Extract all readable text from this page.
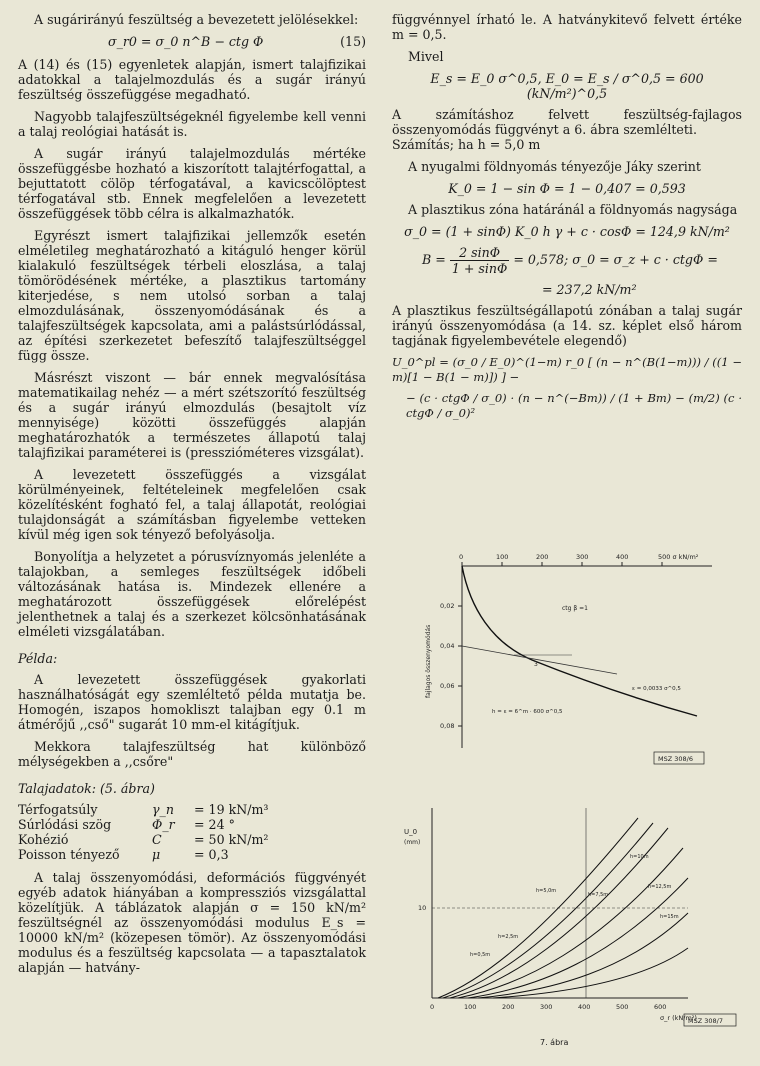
A sugárirányú feszültség a bevezetett jelölésekkel:

σ_r0 = σ_0 n^B − ctg Φ	(15)

A (14) és (15) egyenletek alapján, ismert talajfizikai adatokkal a talajelmozdulás és a sugár irányú feszültség összefüggése megadható.

Nagyobb talajfeszültségeknél figyelembe kell venni a talaj reológiai hatását is.

A sugár irányú talajelmozdulás mértéke összefüggésbe hozható a kiszorított talajtérfogattal, a bejuttatott cölöp térfogatával, a kavicscölöptest térfogatával stb. Ennek megfelelően a levezetett összefüggések több célra is alkalmazhatók.

Egyrészt ismert talajfizikai jellemzők esetén elméletileg meghatározható a kitáguló henger körül kialakuló feszültségek térbeli eloszlása, a talaj tömörödésének mértéke, a plasztikus tartomány kiterjedése, s nem utolsó sorban a talaj elmozdulásának, összenyomódásának és a talajfeszültségek kapcsolata, ami a palástsúrlódással, az építési szerkezetet befeszítő talajfeszültséggel függ össze.

Másrészt viszont — bár ennek megvalósítása matematikailag nehéz — a mért szétszorító feszültség és a sugár irányú elmozdulás (besajtolt víz mennyisége) közötti összefüggés alapján meghatározhatók a természetes állapotú talaj talajfizikai paraméterei is (presszióméteres vizsgálat).

A levezetett összefüggés a vizsgálat körülményeinek, feltételeinek megfelelően csak közelítésként fogható fel, a talaj állapotát, reológiai tulajdonságát a számításban figyelembe vetteken kívül még igen sok tényező befolyásolja.

Bonyolítja a helyzetet a pórusvíznyomás jelenléte a talajokban, a semleges feszültségek időbeli változásának hatása is. Mindezek ellenére a meghatározott összefüggések előrelépést jelenthetnek a talaj és a szerkezet kölcsönhatásának elméleti vizsgálatában.

Példa:

A levezetett összefüggések gyakorlati használhatóságát egy szemléltető példa mutatja be. Homogén, iszapos homokliszt talajban egy 0.1 m átmérőjű ,,cső" sugarát 10 mm-el kitágítjuk.

Mekkora talajfeszültség hat különböző mélységekben a ,,csőre"

Talajadatok: (5. ábra)
Térfogatsúly	γ_n	= 19 kN/m³
Súrlódási szög	Φ_r	= 24 °
Kohézió	C	= 50 kN/m²
Poisson tényező	μ	= 0,3

A talaj összenyomódási, deformációs függvényét egyéb adatok hiányában a kompressziós vizsgálattal közelítjük. A táblázatok alapján σ = 150 kN/m² feszültségnél az összenyomódási modulus E_s = 10000 kN/m² (közepesen tömör). Az összenyomódási modulus és a feszültség kapcsolata — a tapasztalatok alapján — hatvány-

függvénnyel írható le. A hatványkitevő felvett értéke m = 0,5.

Mivel

E_s = E_0 σ^0,5, E_0 = E_s / σ^0,5 = 600 (kN/m²)^0,5

A számításhoz felvett feszültség-fajlagos összenyomódás függvényt a 6. ábra szemlélteti.

Számítás; ha h = 5,0 m

A nyugalmi földnyomás tényezője Jáky szerint

K_0 = 1 − sin Φ = 1 − 0,407 = 0,593

A plasztikus zóna határánál a földnyomás nagysága

σ_0 = (1 + sinΦ) K_0 h γ + c · cosΦ = 124,9 kN/m²
$B = \frac{2 \sin\Phi}{1 + \sin\Phi} = 0,578$; σ_0 = σ_z + c · ctgΦ =
= 237,2 kN/m²

A plasztikus feszültségállapotú zónában a talaj sugár irányú összenyomódása (a 14. sz. képlet első három tagjának figyelembevétele elegendő)

U_0^pl = (σ_0 / E_0)^(1−m) r_0 [ (n − n^(B(1−m))) / ((1 − m)[1 − B(1 − m)]) ] −
− (c · ctgΦ / σ_0) · (n − n^(−Bm)) / (1 + Bm) − (m/2) (c · ctgΦ / σ_0)²
0	100	200	300	400	500 σ kN/m²
0,02
0,04
0,06
0,08
fajlagos összenyomódás	3
ctg β =1
ε = 0,0033 σ^0,5
h = ε = 6^m · 600 σ^0,5
MSZ 308/6
U_0
(mm)
10
0	100	200	300	400	500	600
σ_r (kN/m²)
h=0,5m
h=2,5m
h=5,0m
h=7,5m
h=10m
h=12,5m
h=15m
MSZ 308/7
7. ábra
